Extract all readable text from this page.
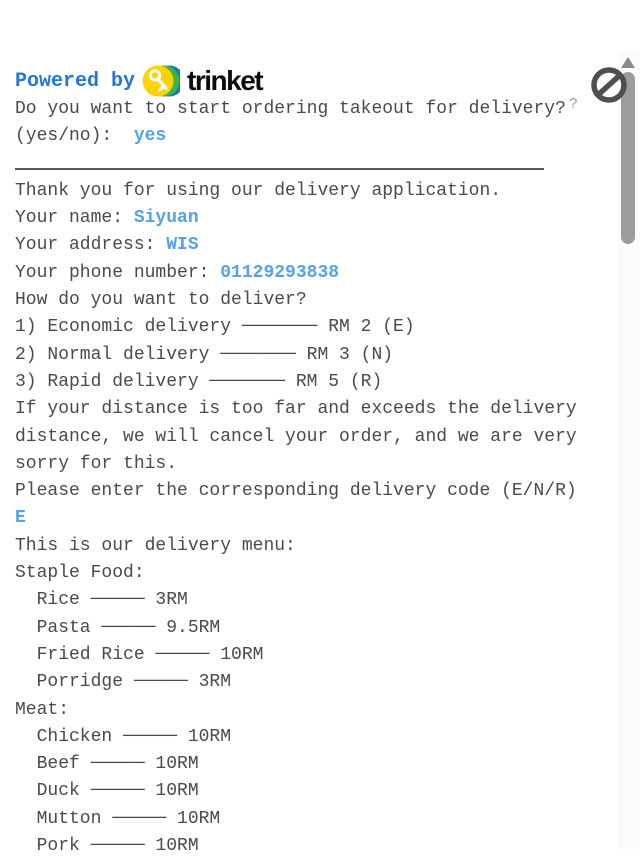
Powered by trinket
Do you want to start ordering takeout for delivery?
(yes/no):  yes

Thank you for using our delivery application.
Your name: Siyuan
Your address: WIS
Your phone number: 01129293838
How do you want to deliver?
1) Economic delivery ─────── RM 2 (E)
2) Normal delivery ─────── RM 3 (N)
3) Rapid delivery ─────── RM 5 (R)
If your distance is too far and exceeds the delivery
distance, we will cancel your order, and we are very
sorry for this.
Please enter the corresponding delivery code (E/N/R)
E
This is our delivery menu:
Staple Food:
Rice ───── 3RM
Pasta ───── 9.5RM
Fried Rice ───── 10RM
Porridge ───── 3RM
Meat:
Chicken ───── 10RM
Beef ───── 10RM
Duck ───── 10RM
Mutton ───── 10RM
Pork ───── 10RM
?
